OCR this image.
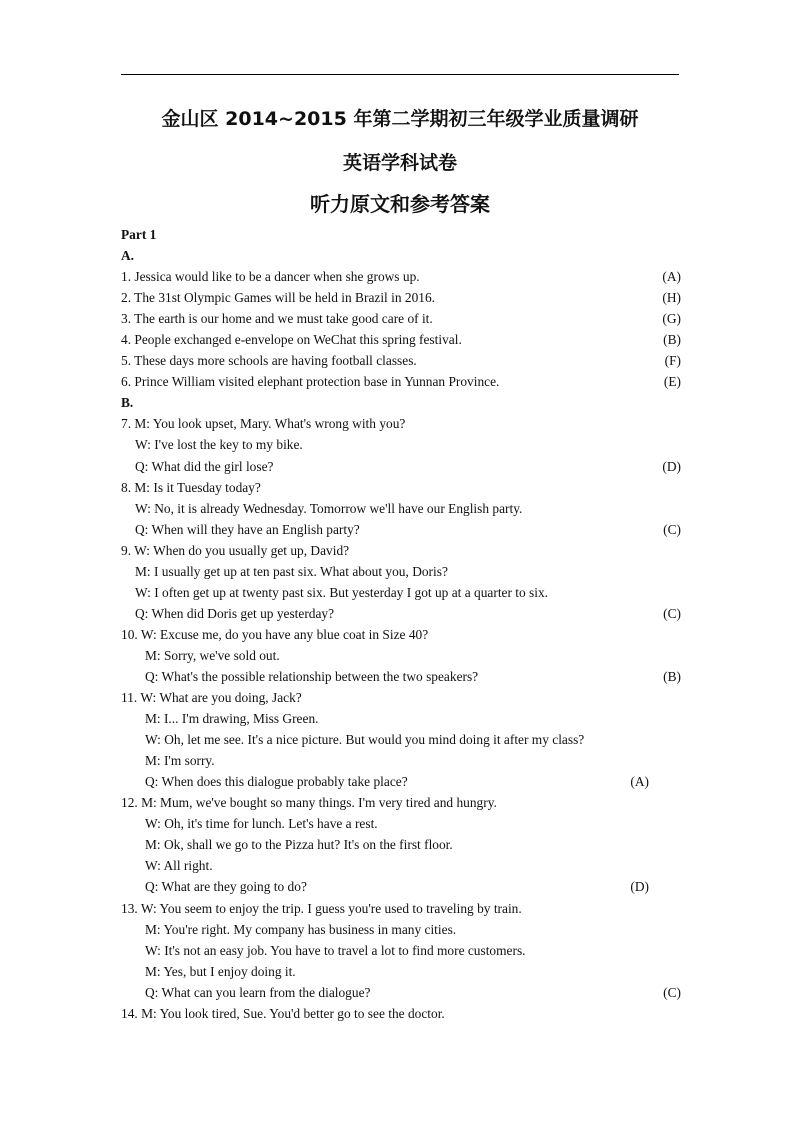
金山区 2014~2015 年第二学期初三年级学业质量调研
英语学科试卷
听力原文和参考答案
Part 1
A.
1. Jessica would like to be a dancer when she grows up.	(A)
2. The 31st Olympic Games will be held in Brazil in 2016.	(H)
3. The earth is our home and we must take good care of it.	(G)
4. People exchanged e-envelope on WeChat this spring festival.	(B)
5. These days more schools are having football classes.	(F)
6. Prince William visited elephant protection base in Yunnan Province.	(E)
B.
7. M: You look upset, Mary. What's wrong with you?
W: I've lost the key to my bike.
Q: What did the girl lose?	(D)
8. M: Is it Tuesday today?
W: No, it is already Wednesday. Tomorrow we'll have our English party.
Q: When will they have an English party?	(C)
9. W: When do you usually get up, David?
M: I usually get up at ten past six. What about you, Doris?
W: I often get up at twenty past six. But yesterday I got up at a quarter to six.
Q: When did Doris get up yesterday?	(C)
10. W: Excuse me, do you have any blue coat in Size 40?
M: Sorry, we've sold out.
Q: What's the possible relationship between the two speakers?	(B)
11. W: What are you doing, Jack?
M: I... I'm drawing, Miss Green.
W: Oh, let me see. It's a nice picture. But would you mind doing it after my class?
M: I'm sorry.
Q: When does this dialogue probably take place?	(A)
12. M: Mum, we've bought so many things. I'm very tired and hungry.
W: Oh, it's time for lunch. Let's have a rest.
M: Ok, shall we go to the Pizza hut? It's on the first floor.
W: All right.
Q: What are they going to do?	(D)
13. W: You seem to enjoy the trip. I guess you're used to traveling by train.
M: You're right. My company has business in many cities.
W: It's not an easy job. You have to travel a lot to find more customers.
M: Yes, but I enjoy doing it.
Q: What can you learn from the dialogue?	(C)
14. M: You look tired, Sue. You'd better go to see the doctor.
